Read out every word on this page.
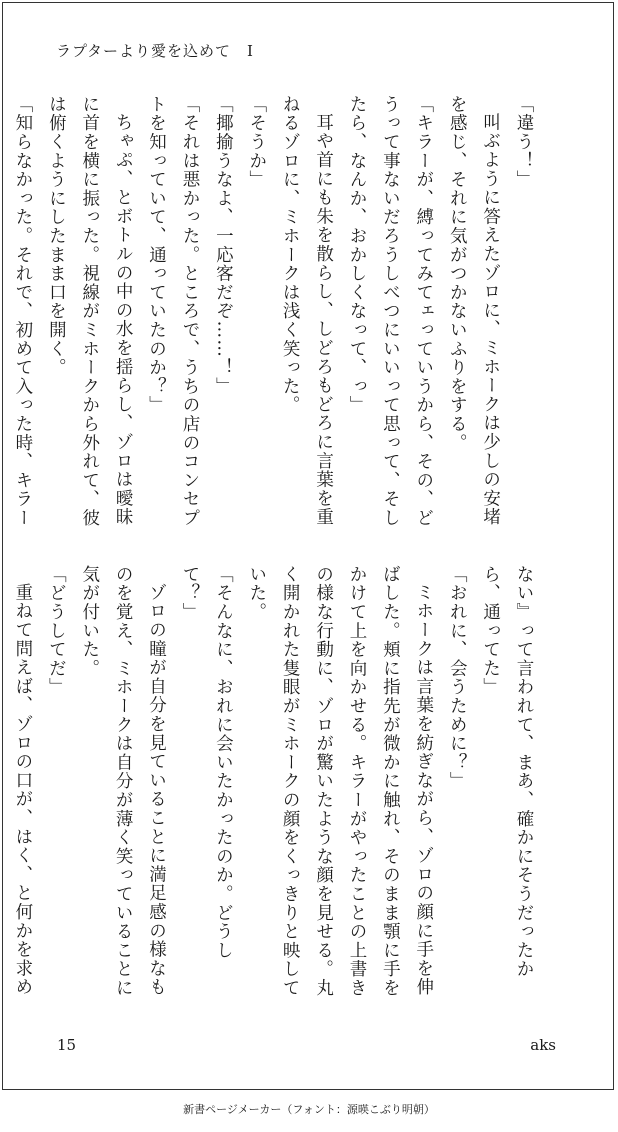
ラプターより愛を込めて　Ⅰ

「違う！」

叫ぶように答えたゾロに、ミホークは少しの安堵を感じ、それに気がつかないふりをする。

「キラーが、縛ってみてェっていうから、その、どうって事ないだろうしべつにいいって思って、そしたら、なんか、おかしくなって、っ」

耳や首にも朱を散らし、しどろもどろに言葉を重ねるゾロに、ミホークは浅く笑った。

「そうか」

「揶揄うなよ、一応客だぞ……！」

「それは悪かった。ところで、うちの店のコンセプトを知っていて、通っていたのか？」

ちゃぷ、とボトルの中の水を揺らし、ゾロは曖昧に首を横に振った。視線がミホークから外れて、彼は俯くようにしたまま口を開く。

「知らなかった。それで、初めて入った時、キラー

ない』って言われて、まあ、確かにそうだったから、通ってた」

「おれに、会うために？」

ミホークは言葉を紡ぎながら、ゾロの顔に手を伸ばした。頬に指先が微かに触れ、そのまま顎に手をかけて上を向かせる。キラーがやったことの上書きの様な行動に、ゾロが驚いたような顔を見せる。丸く開かれた隻眼がミホークの顔をくっきりと映していた。

「そんなに、おれに会いたかったのか。どうして？」

ゾロの瞳が自分を見ていることに満足感の様なものを覚え、ミホークは自分が薄く笑っていることに気が付いた。

「どうしてだ」

重ねて問えば、ゾロの口が、はく、と何かを求め

15	aks
新書ページメーカー（フォント：源暎こぶり明朝）
